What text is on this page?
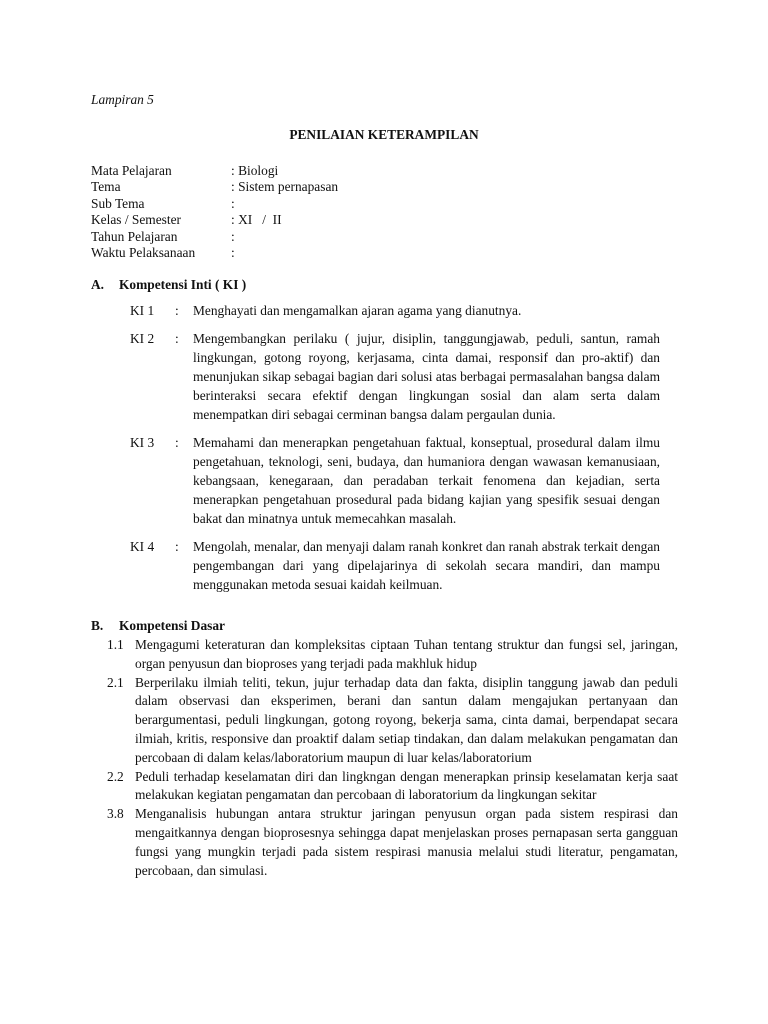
Lampiran 5
PENILAIAN KETERAMPILAN
Mata Pelajaran	: Biologi
Tema	: Sistem pernapasan
Sub Tema	:
Kelas / Semester	: XI   /  II
Tahun Pelajaran	:
Waktu Pelaksanaan	:
A.	Kompetensi Inti ( KI )
KI 1	:	Menghayati dan mengamalkan ajaran agama yang dianutnya.
KI 2	:	Mengembangkan perilaku ( jujur, disiplin, tanggungjawab, peduli, santun, ramah lingkungan, gotong royong, kerjasama, cinta damai, responsif dan pro-aktif) dan menunjukan sikap sebagai bagian dari solusi atas berbagai permasalahan bangsa dalam berinteraksi secara efektif dengan lingkungan sosial dan alam serta dalam menempatkan diri sebagai cerminan bangsa dalam pergaulan dunia.
KI 3	:	Memahami dan menerapkan pengetahuan faktual, konseptual, prosedural dalam ilmu pengetahuan, teknologi, seni, budaya, dan humaniora dengan wawasan kemanusiaan, kebangsaan, kenegaraan, dan peradaban terkait fenomena dan kejadian, serta menerapkan pengetahuan prosedural pada bidang kajian yang spesifik sesuai dengan bakat dan minatnya untuk memecahkan masalah.
KI 4	:	Mengolah, menalar, dan menyaji dalam ranah konkret dan ranah abstrak terkait dengan pengembangan dari yang dipelajarinya di sekolah secara mandiri, dan mampu menggunakan metoda sesuai kaidah keilmuan.
B.	Kompetensi Dasar
1.1 Mengagumi keteraturan dan kompleksitas ciptaan Tuhan tentang struktur dan fungsi sel, jaringan, organ penyusun dan bioproses yang terjadi pada makhluk hidup
2.1 Berperilaku ilmiah teliti, tekun, jujur terhadap data dan fakta, disiplin tanggung jawab dan peduli dalam observasi dan eksperimen, berani dan santun dalam mengajukan pertanyaan dan berargumentasi, peduli lingkungan, gotong royong, bekerja sama, cinta damai, berpendapat secara ilmiah, kritis, responsive dan proaktif dalam setiap tindakan, dan dalam melakukan pengamatan dan percobaan di dalam kelas/laboratorium maupun di luar kelas/laboratorium
2.2 Peduli terhadap keselamatan diri dan lingkngan dengan menerapkan prinsip keselamatan kerja saat melakukan kegiatan pengamatan dan percobaan di laboratorium da lingkungan sekitar
3.8 Menganalisis hubungan antara struktur jaringan penyusun organ pada sistem respirasi dan mengaitkannya dengan bioprosesnya sehingga dapat menjelaskan proses pernapasan serta gangguan fungsi yang mungkin terjadi pada sistem respirasi manusia melalui studi literatur, pengamatan, percobaan, dan simulasi.
